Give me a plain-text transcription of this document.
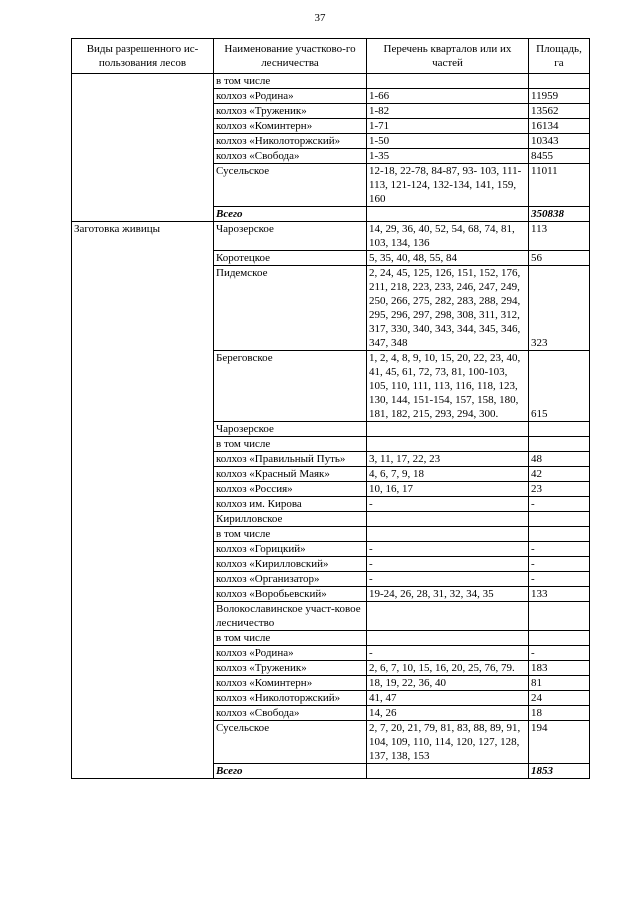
37
Виды разрешенного ис-пользования лесов	Наименование участково-го лесничества	Перечень кварталов или их частей	Площадь, га
	в том числе		
	колхоз «Родина»	1-66	11959
	колхоз «Труженик»	1-82	13562
	колхоз «Коминтерн»	1-71	16134
	колхоз «Николоторжский»	1-50	10343
	колхоз «Свобода»	1-35	8455
	Сусельское	12-18, 22-78, 84-87, 93- 103, 111-113, 121-124, 132-134, 141, 159, 160	11011
	Всего		350838
Заготовка живицы	Чарозерское	14, 29, 36, 40, 52, 54, 68, 74, 81, 103, 134, 136	113
	Коротецкое	5, 35, 40, 48, 55, 84	56
	Пидемское	2, 24, 45, 125, 126, 151, 152, 176, 211, 218, 223, 233, 246, 247, 249, 250, 266, 275, 282, 283, 288, 294, 295, 296, 297, 298, 308, 311, 312, 317, 330, 340, 343, 344, 345, 346, 347, 348	323
	Береговское	1, 2, 4, 8, 9, 10, 15, 20, 22, 23, 40, 41, 45, 61, 72, 73, 81, 100-103, 105, 110, 111, 113, 116, 118, 123, 130, 144, 151-154, 157, 158, 180, 181, 182, 215, 293, 294, 300.	615
	Чарозерское		
	в том числе		
	колхоз «Правильный Путь»	3, 11, 17, 22, 23	48
	колхоз «Красный Маяк»	4, 6, 7, 9, 18	42
	колхоз «Россия»	10, 16, 17	23
	колхоз им. Кирова	-	-
	Кирилловское		
	в том числе		
	колхоз «Горицкий»	-	-
	колхоз «Кирилловский»	-	-
	колхоз «Организатор»	-	-
	колхоз «Воробьевский»	19-24, 26, 28, 31, 32, 34, 35	133
	Волокославинское участ-ковое лесничество		
	в том числе		
	колхоз «Родина»	-	-
	колхоз «Труженик»	2, 6, 7, 10, 15, 16, 20, 25, 76, 79.	183
	колхоз «Коминтерн»	18, 19, 22, 36, 40	81
	колхоз «Николоторжский»	41, 47	24
	колхоз «Свобода»	14, 26	18
	Сусельское	2, 7, 20, 21, 79, 81, 83, 88, 89, 91, 104, 109, 110, 114, 120, 127, 128, 137, 138, 153	194
	Всего		1853
